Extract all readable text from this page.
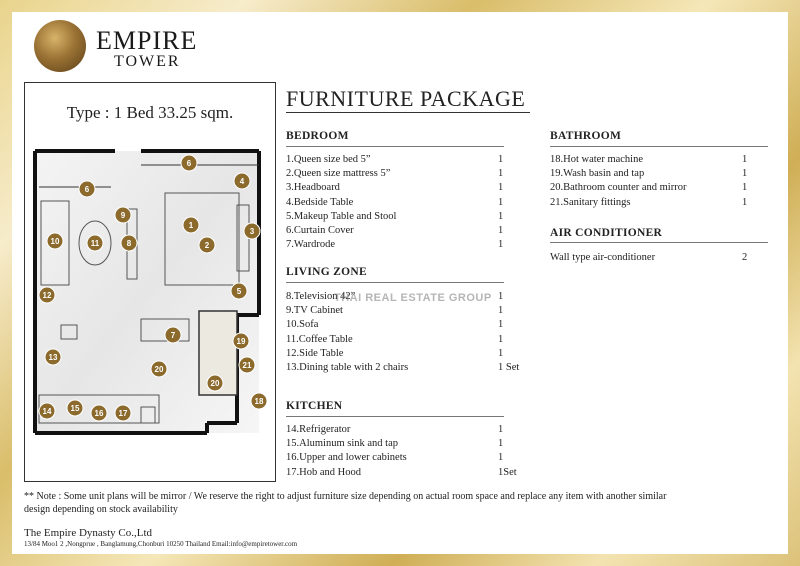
EMPIRE
TOWER
Type : 1 Bed 33.25 sqm.
1
2
3
4
5
6
6
7
8
9
10	11
12
13
14 15
16 17
18
19
20
20
21
FURNITURE PACKAGE
BEDROOM
1.Queen size bed 5”	1
2.Queen size mattress 5”	1
3.Headboard	1
4.Bedside Table	1
5.Makeup Table and Stool	1
6.Curtain Cover	1
7.Wardrode	1
LIVING ZONE
8.Television 42”	1
9.TV Cabinet	1
10.Sofa	1
11.Coffee Table	1
12.Side Table	1
13.Dining table with 2 chairs	1 Set
KITCHEN
14.Refrigerator	1
15.Aluminum sink and tap	1
16.Upper and lower cabinets	1
17.Hob and Hood	1Set
BATHROOM
18.Hot water machine	1
19.Wash basin and tap	1
20.Bathroom counter and mirror	1
21.Sanitary fittings	1
AIR CONDITIONER
Wall type air-conditioner	2
THAI REAL ESTATE GROUP
** Note : Some unit plans will be mirror / We reserve the right to adjust furniture size depending on actual room space and replace any item with another similar design depending on stock availability
The Empire Dynasty Co.,Ltd
13/84 Moo1 2 ,Nongprue , Banglamung,Chonburi 10250 Thailand Email:info@empiretower.com
